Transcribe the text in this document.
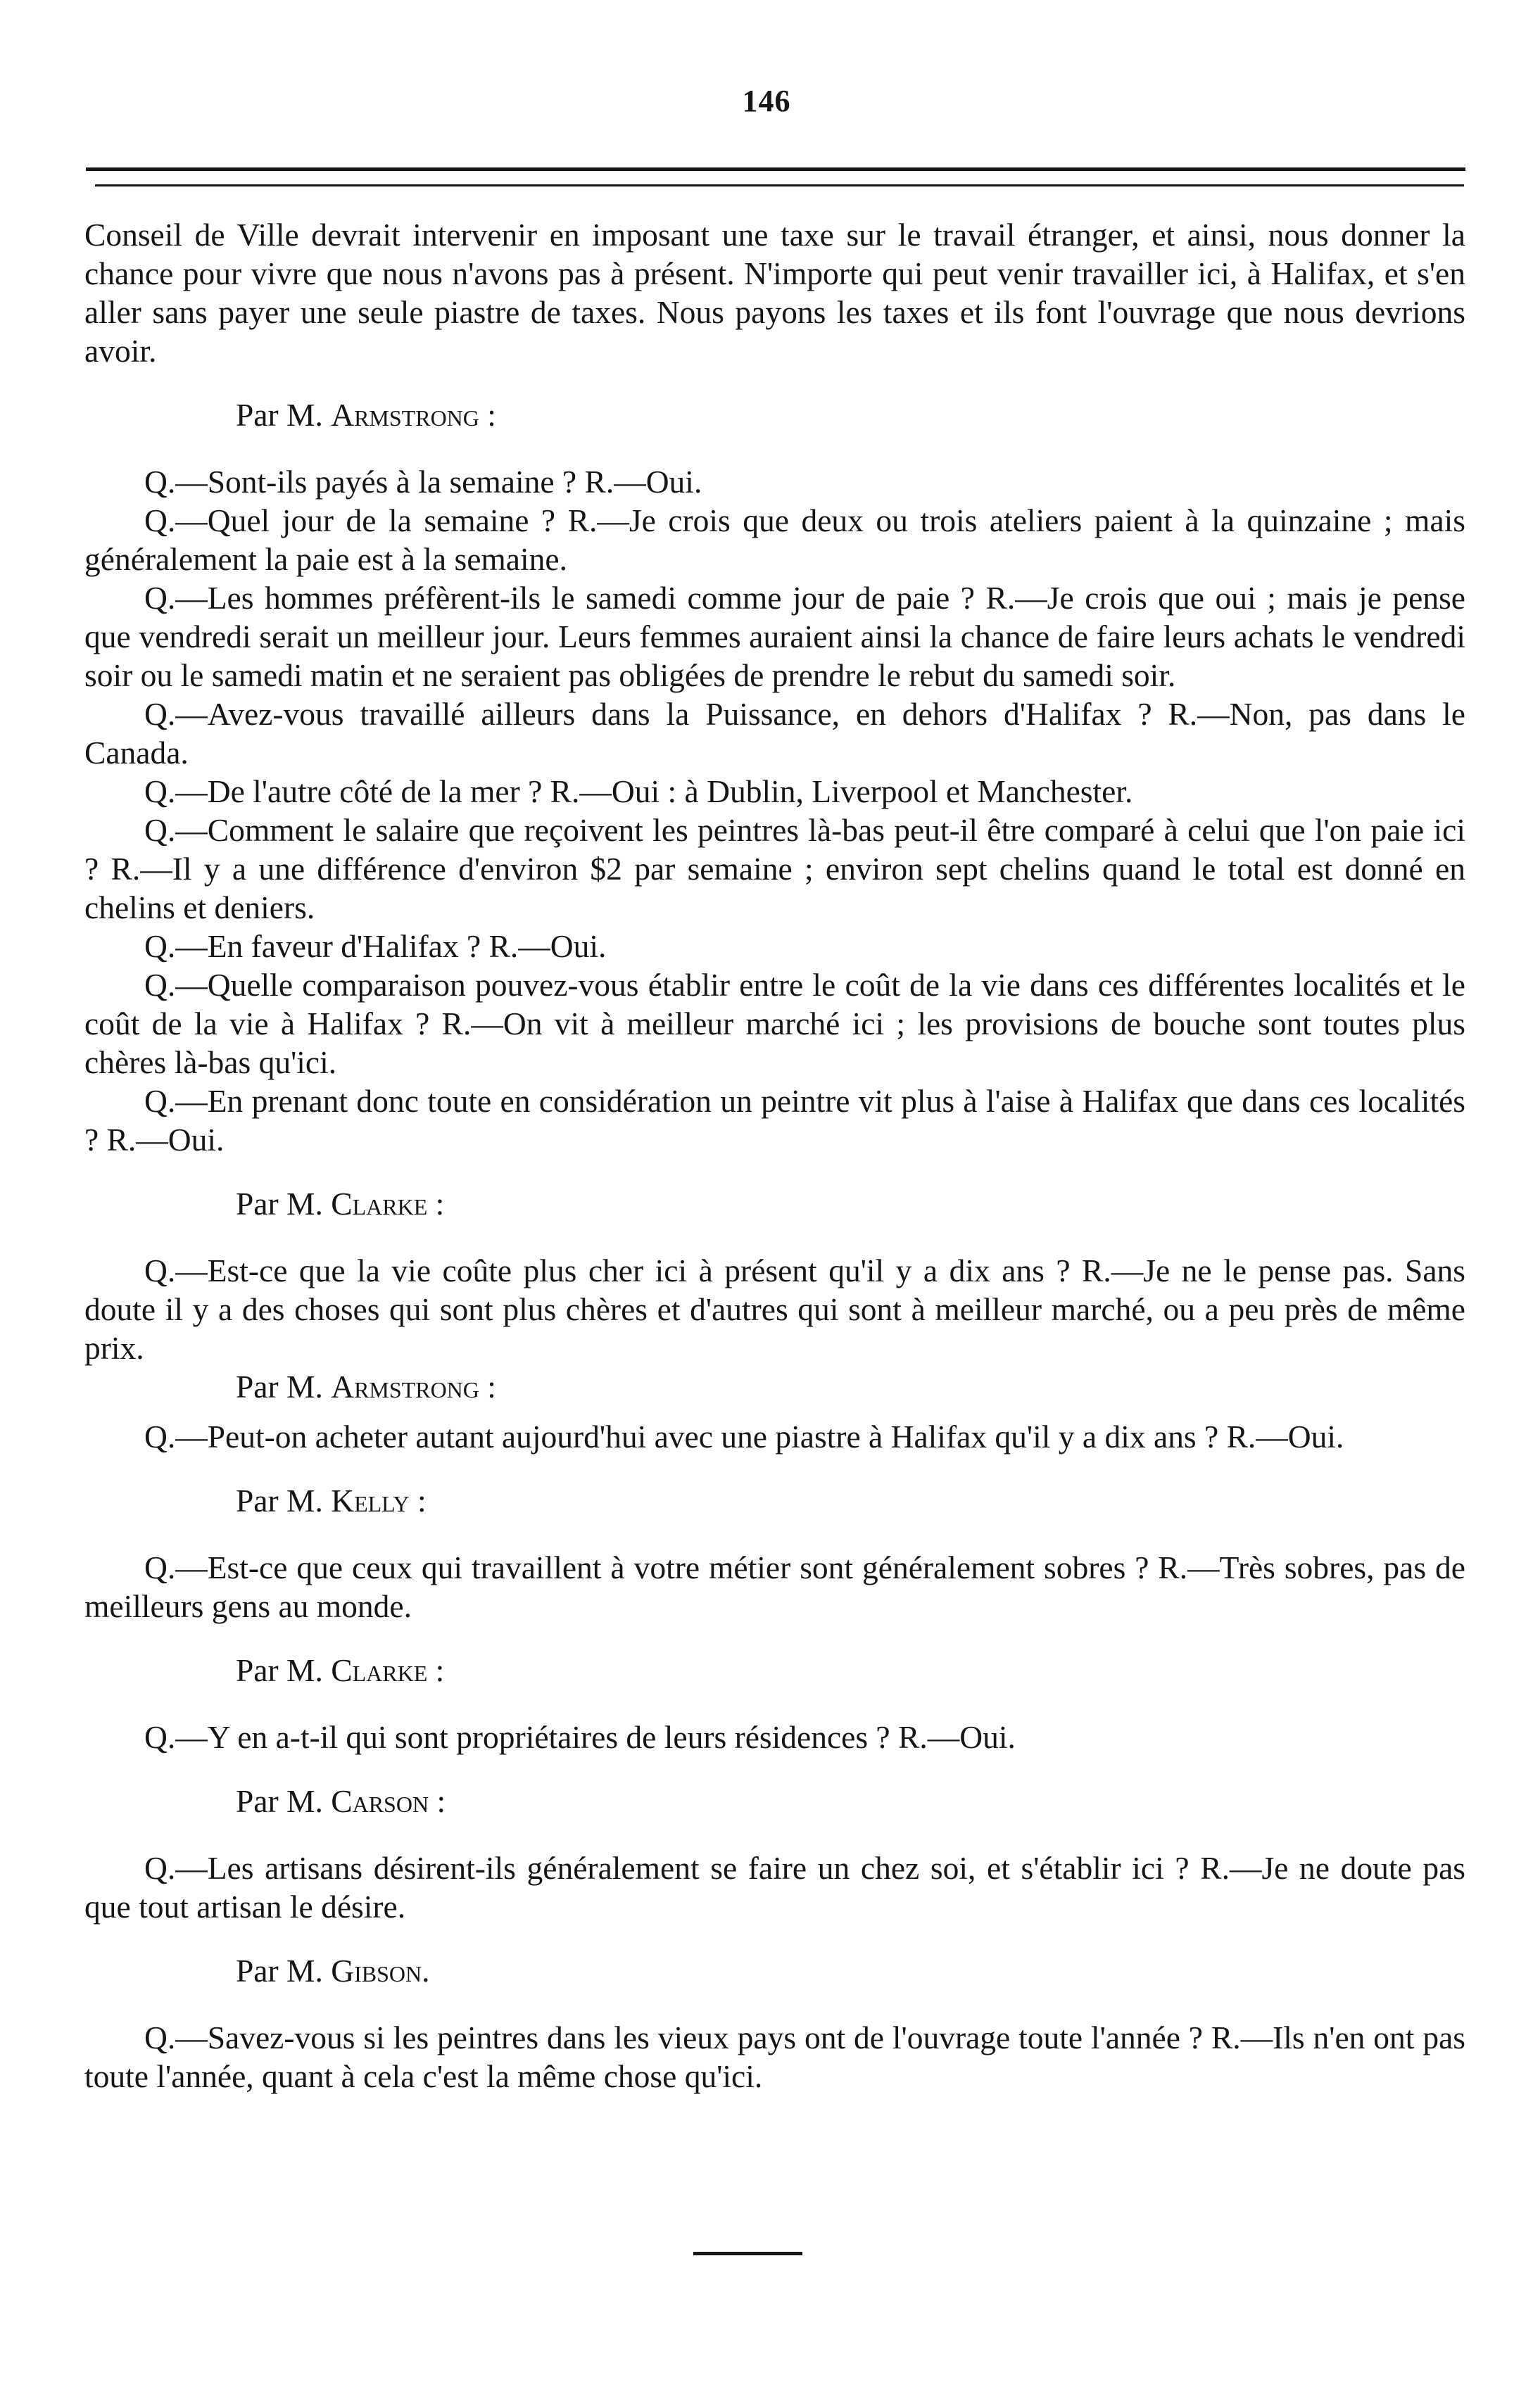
146

Conseil de Ville devrait intervenir en imposant une taxe sur le travail étranger, et ainsi, nous donner la chance pour vivre que nous n'avons pas à présent. N'importe qui peut venir travailler ici, à Halifax, et s'en aller sans payer une seule piastre de taxes. Nous payons les taxes et ils font l'ouvrage que nous devrions avoir.

Par M. Armstrong :

Q.—Sont-ils payés à la semaine ? R.—Oui.

Q.—Quel jour de la semaine ? R.—Je crois que deux ou trois ateliers paient à la quinzaine ; mais généralement la paie est à la semaine.

Q.—Les hommes préfèrent-ils le samedi comme jour de paie ? R.—Je crois que oui ; mais je pense que vendredi serait un meilleur jour. Leurs femmes auraient ainsi la chance de faire leurs achats le vendredi soir ou le samedi matin et ne seraient pas obligées de prendre le rebut du samedi soir.

Q.—Avez-vous travaillé ailleurs dans la Puissance, en dehors d'Halifax ? R.—Non, pas dans le Canada.

Q.—De l'autre côté de la mer ? R.—Oui : à Dublin, Liverpool et Manchester.

Q.—Comment le salaire que reçoivent les peintres là-bas peut-il être comparé à celui que l'on paie ici ? R.—Il y a une différence d'environ $2 par semaine ; environ sept chelins quand le total est donné en chelins et deniers.

Q.—En faveur d'Halifax ? R.—Oui.

Q.—Quelle comparaison pouvez-vous établir entre le coût de la vie dans ces différentes localités et le coût de la vie à Halifax ? R.—On vit à meilleur marché ici ; les provisions de bouche sont toutes plus chères là-bas qu'ici.

Q.—En prenant donc toute en considération un peintre vit plus à l'aise à Halifax que dans ces localités ? R.—Oui.

Par M. Clarke :

Q.—Est-ce que la vie coûte plus cher ici à présent qu'il y a dix ans ? R.—Je ne le pense pas. Sans doute il y a des choses qui sont plus chères et d'autres qui sont à meilleur marché, ou a peu près de même prix.

Par M. Armstrong :

Q.—Peut-on acheter autant aujourd'hui avec une piastre à Halifax qu'il y a dix ans ? R.—Oui.

Par M. Kelly :

Q.—Est-ce que ceux qui travaillent à votre métier sont généralement sobres ? R.—Très sobres, pas de meilleurs gens au monde.

Par M. Clarke :

Q.—Y en a-t-il qui sont propriétaires de leurs résidences ? R.—Oui.

Par M. Carson :

Q.—Les artisans désirent-ils généralement se faire un chez soi, et s'établir ici ? R.—Je ne doute pas que tout artisan le désire.

Par M. Gibson.

Q.—Savez-vous si les peintres dans les vieux pays ont de l'ouvrage toute l'année ? R.—Ils n'en ont pas toute l'année, quant à cela c'est la même chose qu'ici.
